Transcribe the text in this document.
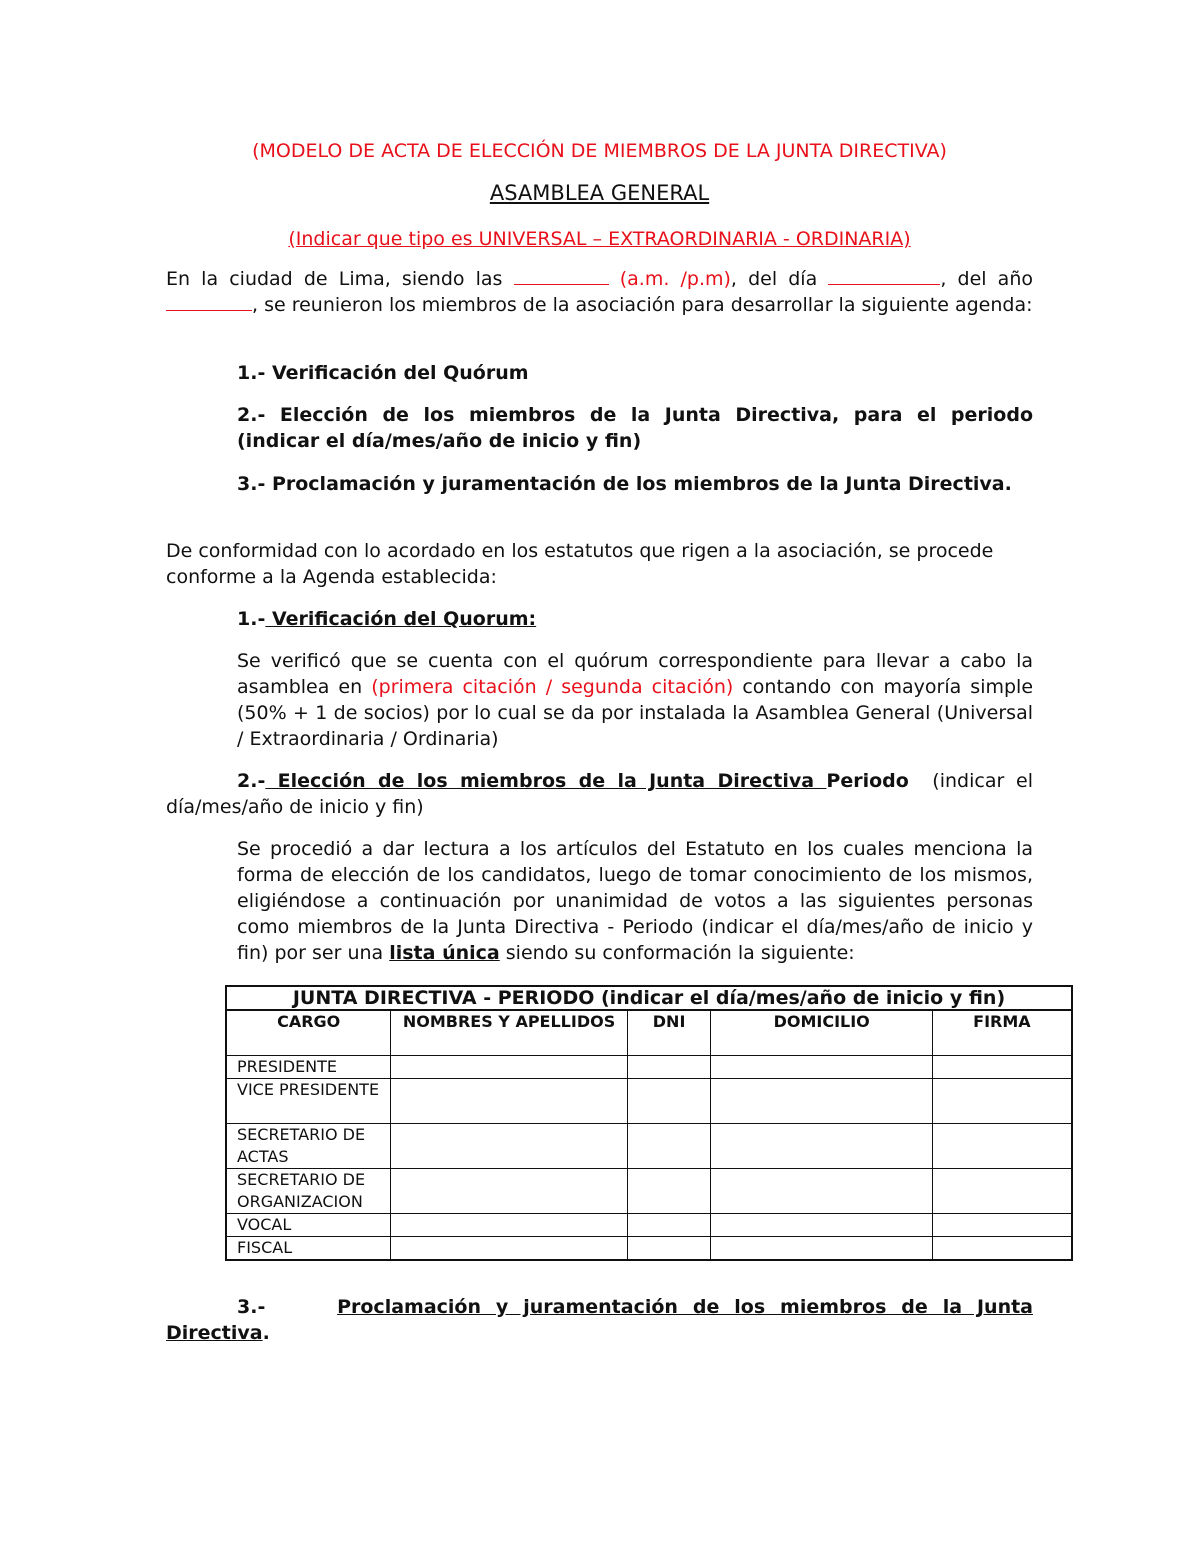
(MODELO DE ACTA DE ELECCIÓN DE MIEMBROS DE LA JUNTA DIRECTIVA)

ASAMBLEA GENERAL

(Indicar que tipo es UNIVERSAL – EXTRAORDINARIA - ORDINARIA)

En la ciudad de Lima, siendo las	(a.m. /p.m), del día	, del año , se reunieron los miembros de la asociación para desarrollar la siguiente agenda:

1.- Verificación del Quórum

2.- Elección de los miembros de la Junta Directiva, para el periodo (indicar el día/mes/año de inicio y fin)

3.- Proclamación y juramentación de los miembros de la Junta Directiva.

De conformidad con lo acordado en los estatutos que rigen a la asociación, se procede conforme a la Agenda establecida:

1.- Verificación del Quorum:

Se verificó que se cuenta con el quórum correspondiente para llevar a cabo la asamblea en (primera citación / segunda citación) contando con mayoría simple (50% + 1 de socios) por lo cual se da por instalada la Asamblea General (Universal / Extraordinaria / Ordinaria)

2.- Elección de los miembros de la Junta Directiva Periodo (indicar el día/mes/año de inicio y fin)

Se procedió a dar lectura a los artículos del Estatuto en los cuales menciona la forma de elección de los candidatos, luego de tomar conocimiento de los mismos, eligiéndose a continuación por unanimidad de votos a las siguientes personas como miembros de la Junta Directiva - Periodo (indicar el día/mes/año de inicio y fin) por ser una lista única siendo su conformación la siguiente:

JUNTA DIRECTIVA - PERIODO (indicar el día/mes/año de inicio y fin)				
CARGO	NOMBRES Y APELLIDOS	DNI	DOMICILIO	FIRMA
PRESIDENTE				
VICE PRESIDENTE				
SECRETARIO DE ACTAS				
SECRETARIO DE ORGANIZACION				
VOCAL				
FISCAL				

3.-	Proclamación y juramentación de los miembros de la Junta Directiva.
